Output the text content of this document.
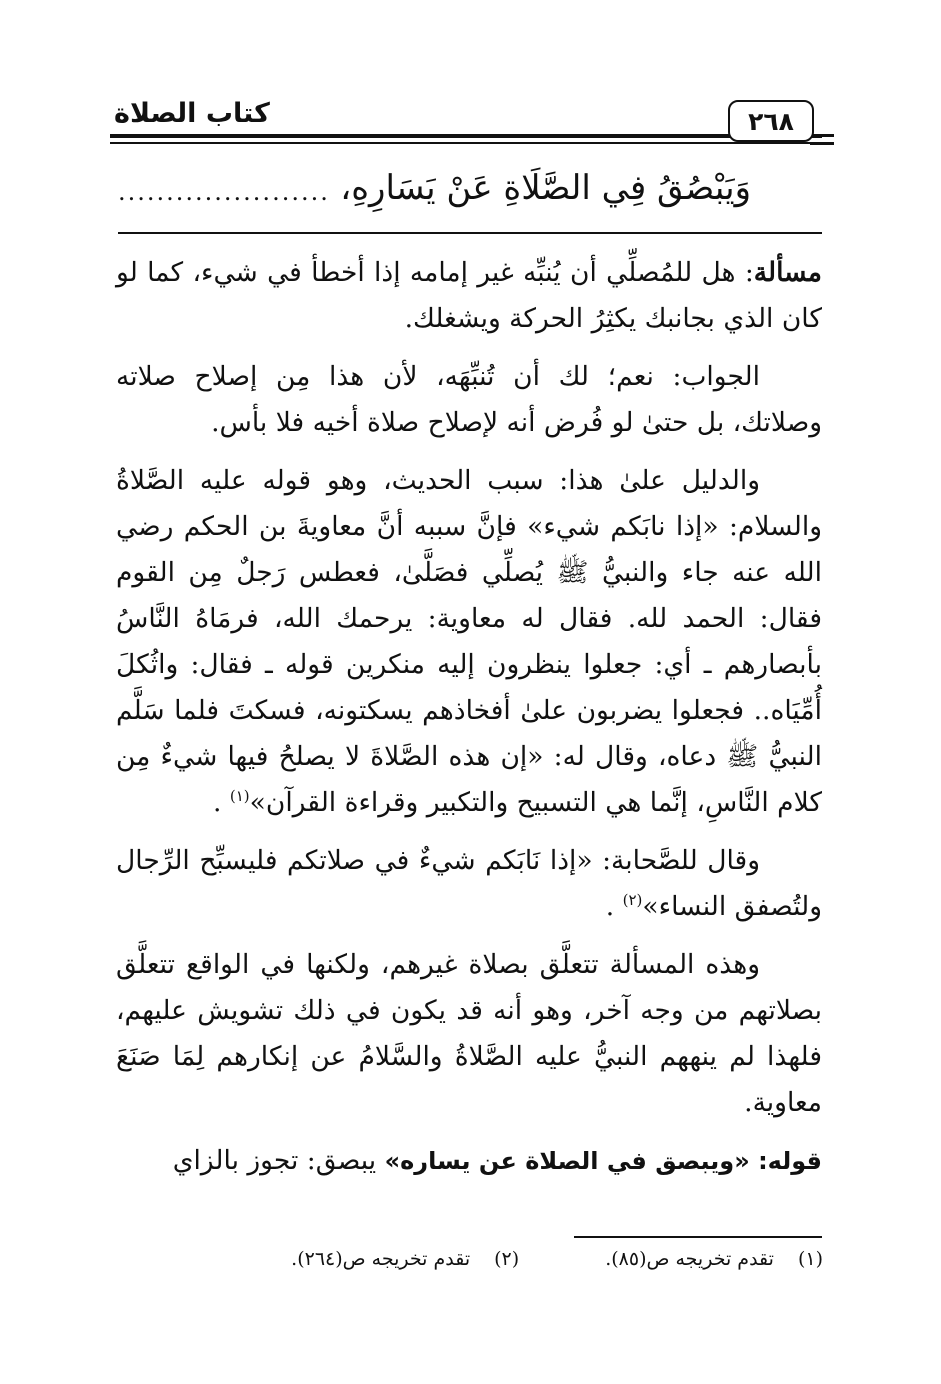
كتاب الصلاة	٢٦٨
وَيَبْصُقُ فِي الصَّلَاةِ عَنْ يَسَارِهِ،
......................

مسألة: هل للمُصلِّي أن يُنبِّه غير إمامه إذا أخطأ في شيء، كما لو كان الذي بجانبك يكثِرُ الحركة ويشغلك.

الجواب: نعم؛ لك أن تُنبِّهَه، لأن هذا مِن إصلاح صلاته وصلاتك، بل حتىٰ لو فُرض أنه لإصلاح صلاة أخيه فلا بأس.

والدليل علىٰ هذا: سبب الحديث، وهو قوله عليه الصَّلاةُ والسلام: «إذا نابَكم شيء» فإنَّ سببه أنَّ معاويةَ بن الحكم رضي الله عنه جاء والنبيُّ ﷺ يُصلِّي فصَلَّىٰ، فعطس رَجلٌ مِن القوم فقال: الحمد لله. فقال له معاوية: يرحمك الله، فرمَاهُ النَّاسُ بأبصارهم ـ أي: جعلوا ينظرون إليه منكرين قوله ـ فقال: واثُكلَ أُمِّيَاه.. فجعلوا يضربون علىٰ أفخاذهم يسكتونه، فسكتَ فلما سَلَّم النبيُّ ﷺ دعاه، وقال له: «إن هذه الصَّلاةَ لا يصلحُ فيها شيءٌ مِن كلام النَّاسِ، إنَّما هي التسبيح والتكبير وقراءة القرآن»$^{(١)}$ .

وقال للصَّحابة: «إذا نَابَكم شيءٌ في صلاتكم فليسبِّح الرِّجال ولتُصفق النساء»$^{(٢)}$ .

وهذه المسألة تتعلَّق بصلاة غيرهم، ولكنها في الواقع تتعلَّق بصلاتهم من وجه آخر، وهو أنه قد يكون في ذلك تشويش عليهم، فلهذا لم ينههم النبيُّ عليه الصَّلاةُ والسَّلامُ عن إنكارهم لِمَا صَنَعَ معاوية.

قوله: «ويبصق في الصلاة عن يساره» يبصق: تجوز بالزاي

(١)
تقدم تخريجه ص(٨٥).
(٢)
تقدم تخريجه ص(٢٦٤).
